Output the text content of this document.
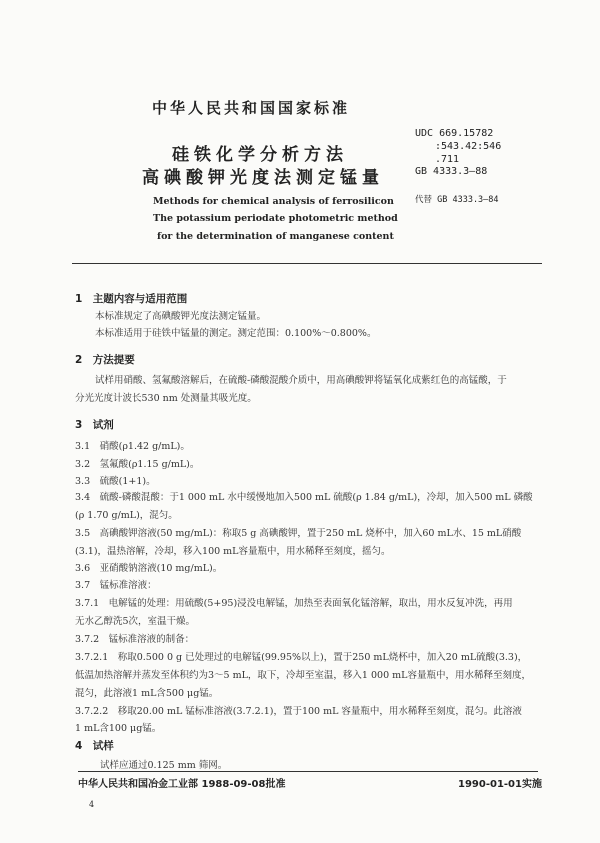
中华人民共和国国家标准
硅铁化学分析方法
高碘酸钾光度法测定锰量
Methods for chemical analysis of ferrosilicon
The potassium periodate photometric method
for the determination of manganese content
UDC 669.15782
:543.42:546
.711
GB 4333.3—88
代替 GB 4333.3—84
1　主题内容与适用范围
本标准规定了高碘酸钾光度法测定锰量。
本标准适用于硅铁中锰量的测定。测定范围：0.100%～0.800%。
2　方法提要
试样用硝酸、氢氟酸溶解后，在硫酸-磷酸混酸介质中，用高碘酸钾将锰氧化成紫红色的高锰酸，于
分光光度计波长530 nm 处测量其吸光度。
3　试剂
3.1　硝酸(ρ1.42 g/mL)。
3.2　氢氟酸(ρ1.15 g/mL)。
3.3　硫酸(1+1)。
3.4　硫酸-磷酸混酸：于1 000 mL 水中缓慢地加入500 mL 硫酸(ρ 1.84 g/mL)，冷却，加入500 mL 磷酸
(ρ 1.70 g/mL)，混匀。
3.5　高碘酸钾溶液(50 mg/mL)：称取5 g 高碘酸钾，置于250 mL 烧杯中，加入60 mL水、15 mL硝酸
(3.1)，温热溶解，冷却，移入100 mL容量瓶中，用水稀释至刻度，摇匀。
3.6　亚硝酸钠溶液(10 mg/mL)。
3.7　锰标准溶液：
3.7.1　电解锰的处理：用硫酸(5+95)浸没电解锰，加热至表面氧化锰溶解，取出，用水反复冲洗，再用
无水乙醇洗5次，室温干燥。
3.7.2　锰标准溶液的制备：
3.7.2.1　称取0.500 0 g 已处理过的电解锰(99.95%以上)，置于250 mL烧杯中，加入20 mL硫酸(3.3)，
低温加热溶解并蒸发至体积约为3～5 mL，取下，冷却至室温，移入1 000 mL容量瓶中，用水稀释至刻度，
混匀，此溶液1 mL含500 μg锰。
3.7.2.2　移取20.00 mL 锰标准溶液(3.7.2.1)，置于100 mL 容量瓶中，用水稀释至刻度，混匀。此溶液
1 mL含100 μg锰。
4　试样
试样应通过0.125 mm 筛网。
中华人民共和国冶金工业部 1988-09-08批准	1990-01-01实施
4
